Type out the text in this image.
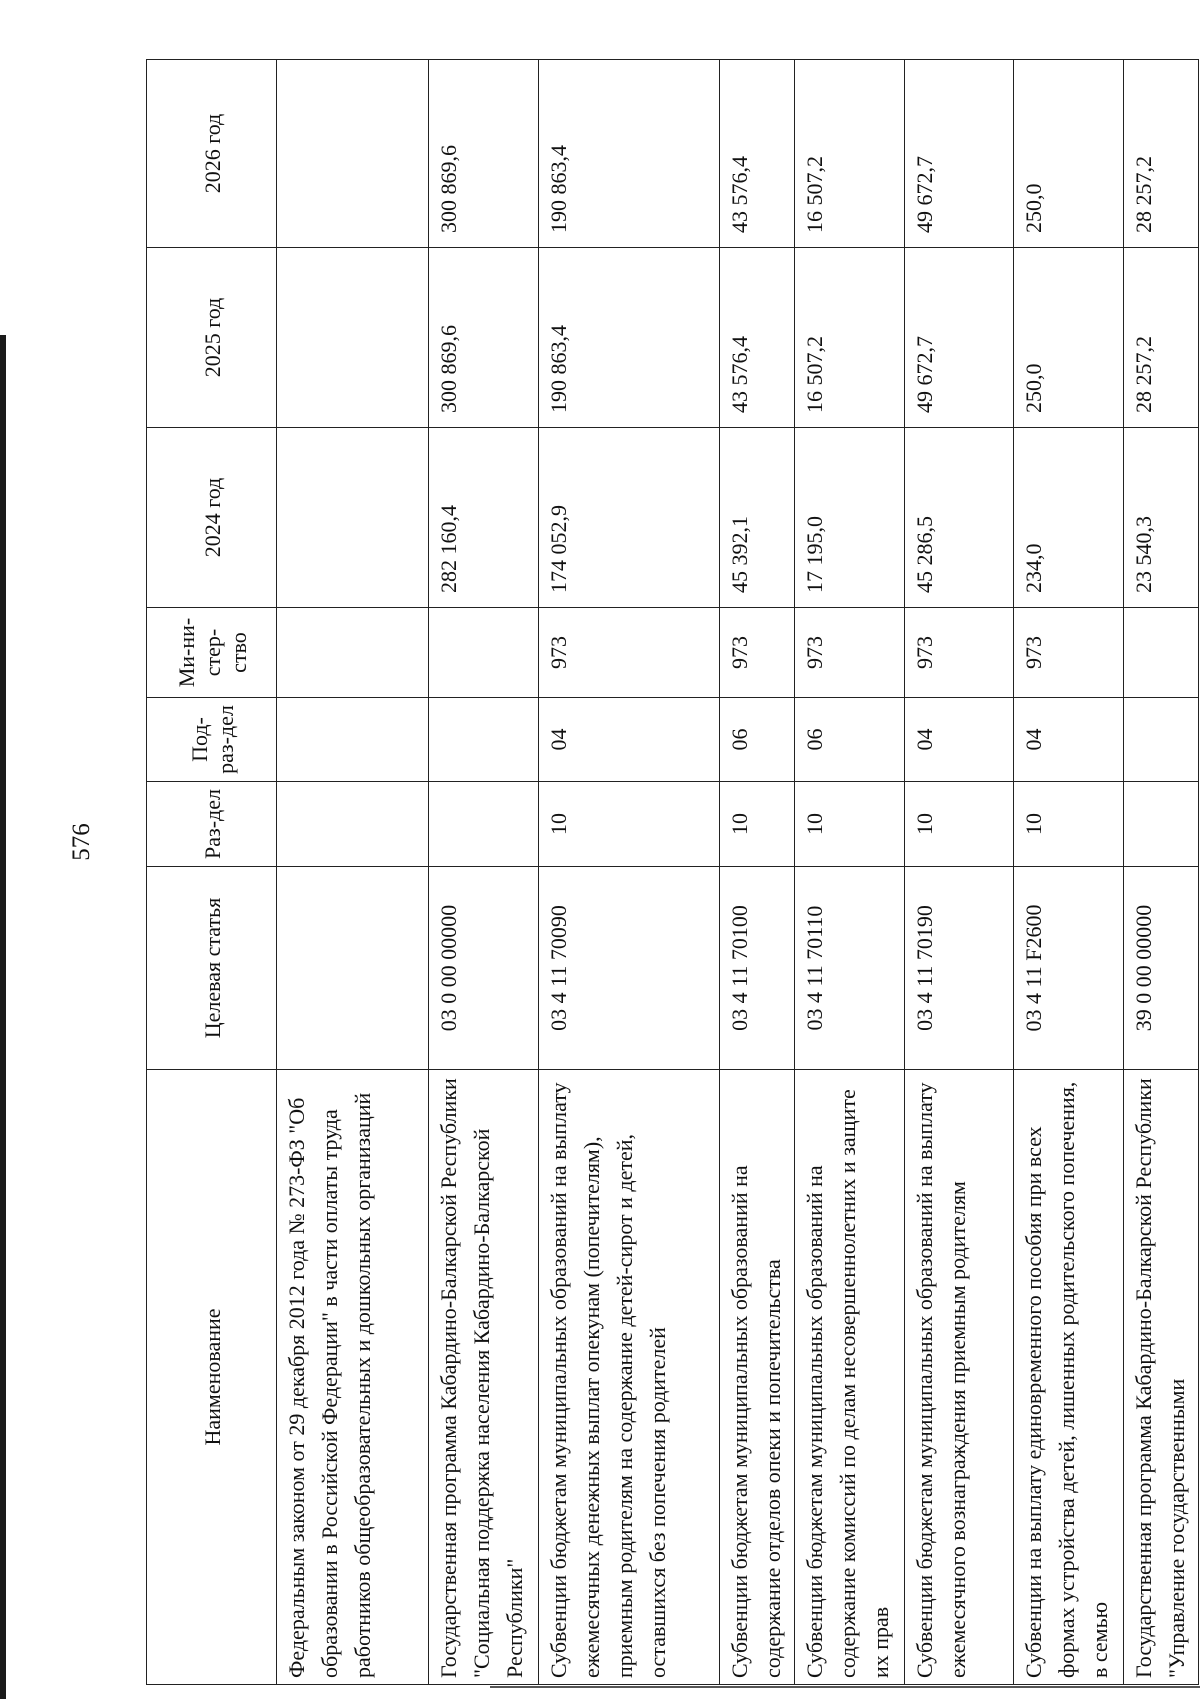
576
Наименование	Целевая статья	Раз-дел	Под-раз-дел	Ми-ни-стер-ство	2024 год	2025 год	2026 год
Федеральным законом от 29 декабря 2012 года № 273-ФЗ "Об образовании в Российской Федерации" в части оплаты труда работников общеобразовательных и дошкольных организаций							
Государственная программа Кабардино-Балкарской Республики "Социальная поддержка населения Кабардино-Балкарской Республики"	03 0 00 00000				282 160,4	300 869,6	300 869,6
Субвенции бюджетам муниципальных образований на выплату ежемесячных денежных выплат опекунам (попечителям), приемным родителям на содержание детей-сирот и детей, оставшихся без попечения родителей	03 4 11 70090	10	04	973	174 052,9	190 863,4	190 863,4
Субвенции бюджетам муниципальных образований на содержание отделов опеки и попечительства	03 4 11 70100	10	06	973	45 392,1	43 576,4	43 576,4
Субвенции бюджетам муниципальных образований на содержание комиссий по делам несовершеннолетних и защите их прав	03 4 11 70110	10	06	973	17 195,0	16 507,2	16 507,2
Субвенции бюджетам муниципальных образований на выплату ежемесячного вознаграждения приемным родителям	03 4 11 70190	10	04	973	45 286,5	49 672,7	49 672,7
Субвенции на выплату единовременного пособия при всех формах устройства детей, лишенных родительского попечения, в семью	03 4 11 F2600	10	04	973	234,0	250,0	250,0
Государственная программа Кабардино-Балкарской Республики "Управление государственными	39 0 00 00000				23 540,3	28 257,2	28 257,2
